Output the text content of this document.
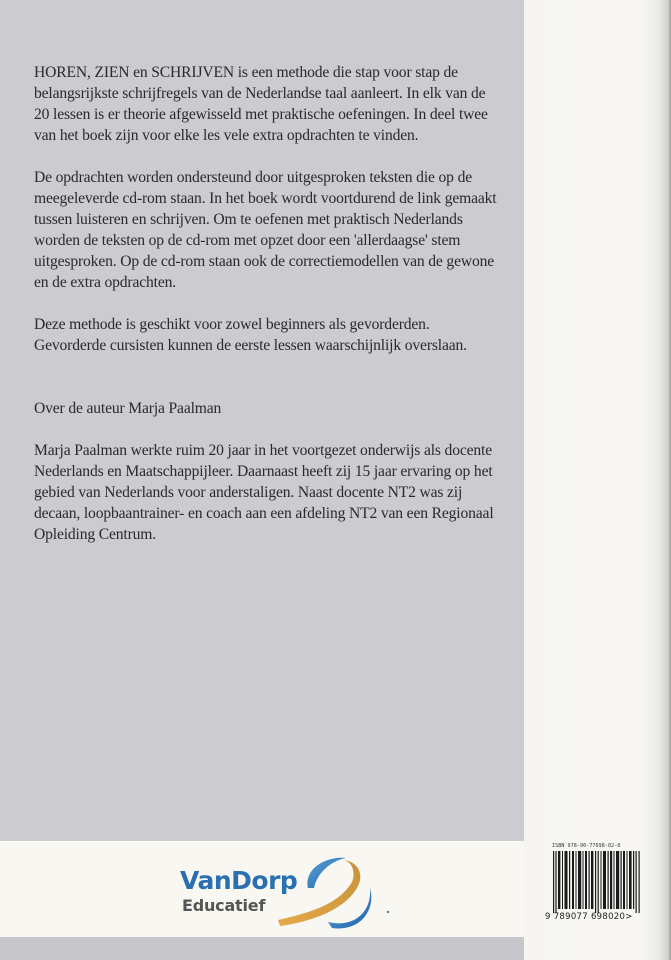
HOREN, ZIEN en SCHRIJVEN is een methode die stap voor stap de belangsrijkste schrijfregels van de Nederlandse taal aanleert. In elk van de 20 lessen is er theorie afgewisseld met praktische oefeningen. In deel twee van het boek zijn voor elke les vele extra opdrachten te vinden.

De opdrachten worden ondersteund door uitgesproken teksten die op de meegeleverde cd-rom staan. In het boek wordt voortdurend de link gemaakt tussen luisteren en schrijven. Om te oefenen met praktisch Nederlands worden de teksten op de cd-rom met opzet door een 'allerdaagse' stem uitgesproken. Op de cd-rom staan ook de correctiemodellen van de gewone en de extra opdrachten.

Deze methode is geschikt voor zowel beginners als gevorderden. Gevorderde cursisten kunnen de eerste lessen waarschijnlijk overslaan.

Over de auteur Marja Paalman

Marja Paalman werkte ruim 20 jaar in het voortgezet onderwijs als docente Nederlands en Maatschappijleer. Daarnaast heeft zij 15 jaar ervaring op het gebied van Nederlands voor anderstaligen. Naast docente NT2 was zij decaan, loopbaantrainer- en coach aan een afdeling NT2 van een Regionaal Opleiding Centrum.

VanDorp
Educatief
ISBN 978-90-77698-02-0
9 789077 698020>
